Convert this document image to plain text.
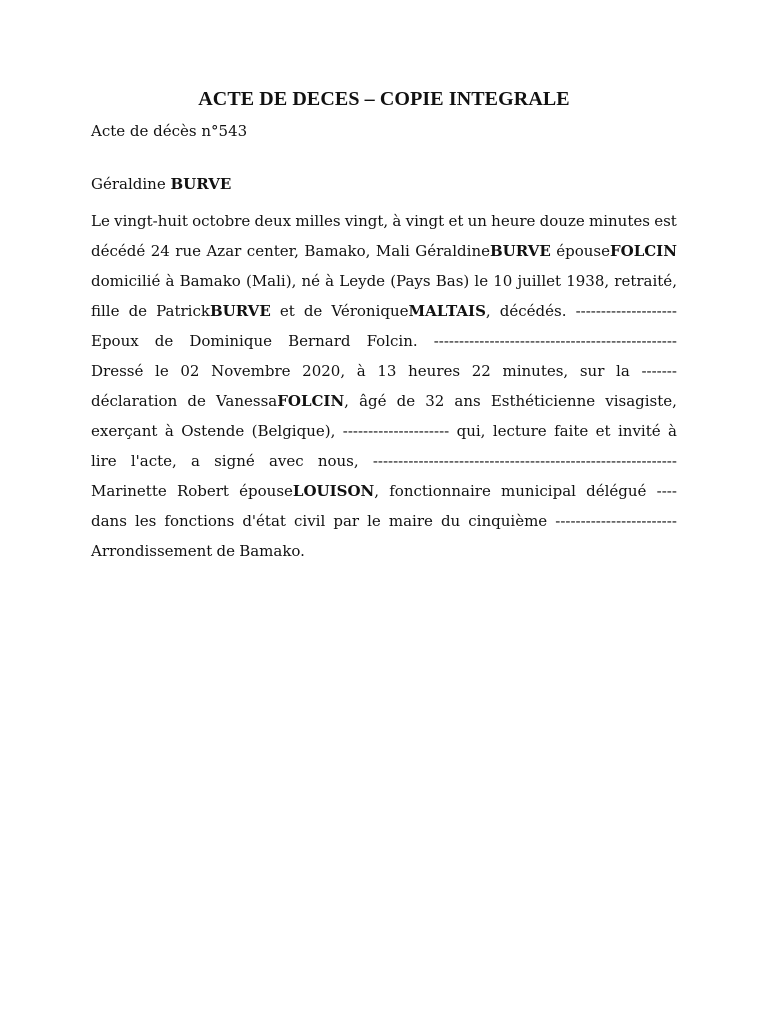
ACTE DE DECES – COPIE INTEGRALE
Acte de décès n°543
Géraldine BURVE
Le vingt-huit octobre deux milles vingt, à vingt et un heure douze minutes est
décédé 24 rue Azar center, Bamako, Mali GéraldineBURVE épouseFOLCIN
domicilié à Bamako (Mali), né à Leyde (Pays Bas) le 10 juillet 1938, retraité,
fille de PatrickBURVE et de VéroniqueMALTAIS, décédés. --------------------
Epoux de Dominique Bernard Folcin. ------------------------------------------------
Dressé le 02 Novembre 2020, à 13 heures 22 minutes, sur la -------
déclaration de VanessaFOLCIN, âgé de 32 ans Esthéticienne visagiste,
exerçant à Ostende (Belgique), --------------------- qui, lecture faite et invité à
lire l'acte, a signé avec nous, ------------------------------------------------------------
Marinette Robert épouseLOUISON, fonctionnaire municipal délégué ----
dans les fonctions d'état civil par le maire du cinquième ------------------------
Arrondissement de Bamako.
